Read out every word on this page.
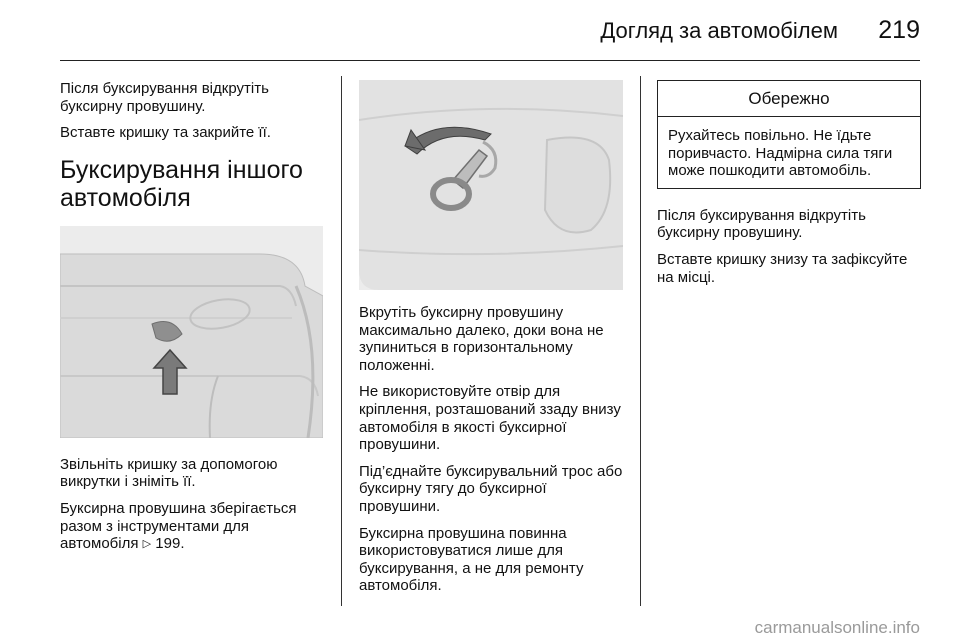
Догляд за автомобілем 219

Після буксирування відкрутіть буксирну провушину.

Вставте кришку та закрийте її.

Буксирування іншого автомобіля

Звільніть кришку за допомогою викрутки і зніміть її.

Буксирна провушина зберігається разом з інструментами для автомобіля ▷ 199.

Вкрутіть буксирну провушину максимально далеко, доки вона не зупиниться в горизонтальному положенні.

Не використовуйте отвір для кріплення, розташований ззаду внизу автомобіля в якості буксирної провушини.

Під’єднайте буксирувальний трос або буксирну тягу до буксирної провушини.

Буксирна провушина повинна використовуватися лише для буксирування, а не для ремонту автомобіля.

Обережно
Рухайтесь повільно. Не їдьте поривчасто. Надмірна сила тяги може пошкодити автомобіль.

Після буксирування відкрутіть буксирну провушину.

Вставте кришку знизу та зафіксуйте на місці.

carmanualsonline.info
